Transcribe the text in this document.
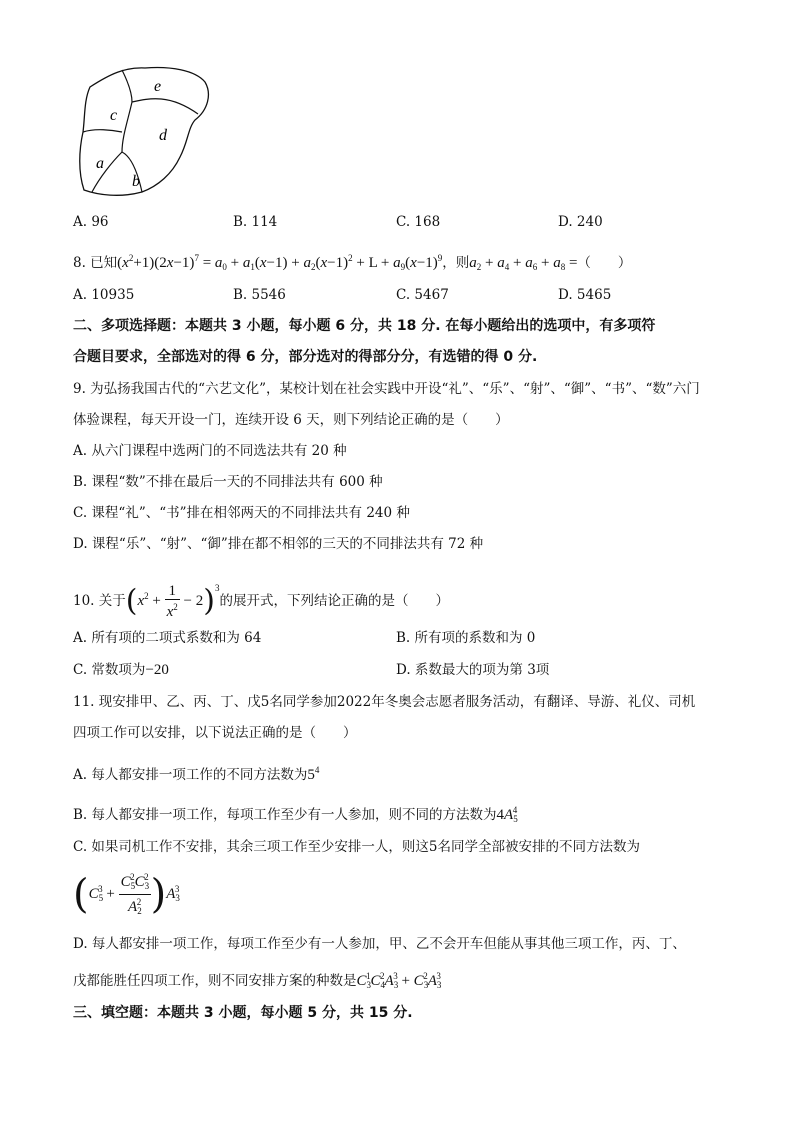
e
c
d
a
b
A. 96	B. 114	C. 168	D. 240
8. 已知$(x^2+1)(2x-1)^7 = a_0 + a_1(x-1) + a_2(x-1)^2 + L + a_9(x-1)^9$，则$a_2 + a_4 + a_6 + a_8$ =（　　）
A. 10935	B. 5546	C. 5467	D. 5465
二、多项选择题：本题共 3 小题，每小题 6 分，共 18 分. 在每小题给出的选项中，有多项符
合题目要求，全部选对的得 6 分，部分选对的得部分分，有选错的得 0 分.
9. 为弘扬我国古代的“六艺文化”，某校计划在社会实践中开设“礼”、“乐”、“射”、“御”、“书”、“数”六门
体验课程，每天开设一门，连续开设 6 天，则下列结论正确的是（　　）
A. 从六门课程中选两门的不同选法共有 20 种
B. 课程“数”不排在最后一天的不同排法共有 600 种
C. 课程“礼”、“书”排在相邻两天的不同排法共有 240 种
D. 课程“乐”、“射”、“御”排在都不相邻的三天的不同排法共有 72 种
10. 关于$(x^2 + \frac{1}{x^2} - 2)^3$的展开式，下列结论正确的是（　　）
A. 所有项的二项式系数和为 64	B. 所有项的系数和为 0
C. 常数项为−20	D. 系数最大的项为第 3项
11. 现安排甲、乙、丙、丁、戊5名同学参加2022年冬奥会志愿者服务活动，有翻译、导游、礼仪、司机
四项工作可以安排，以下说法正确的是（　　）
A. 每人都安排一项工作的不同方法数为$5^4$
B. 每人都安排一项工作，每项工作至少有一人参加，则不同的方法数为$4A_5^4$
C. 如果司机工作不安排，其余三项工作至少安排一人，则这5名同学全部被安排的不同方法数为
$(C_5^3 + \frac{C_5^2C_3^2}{A_2^2} )A_3^3$
D. 每人都安排一项工作，每项工作至少有一人参加，甲、乙不会开车但能从事其他三项工作，丙、丁、
戊都能胜任四项工作，则不同安排方案的种数是$C_3^1C_4^2A_3^3 + C_3^2A_3^3$
三、填空题：本题共 3 小题，每小题 5 分，共 15 分.
